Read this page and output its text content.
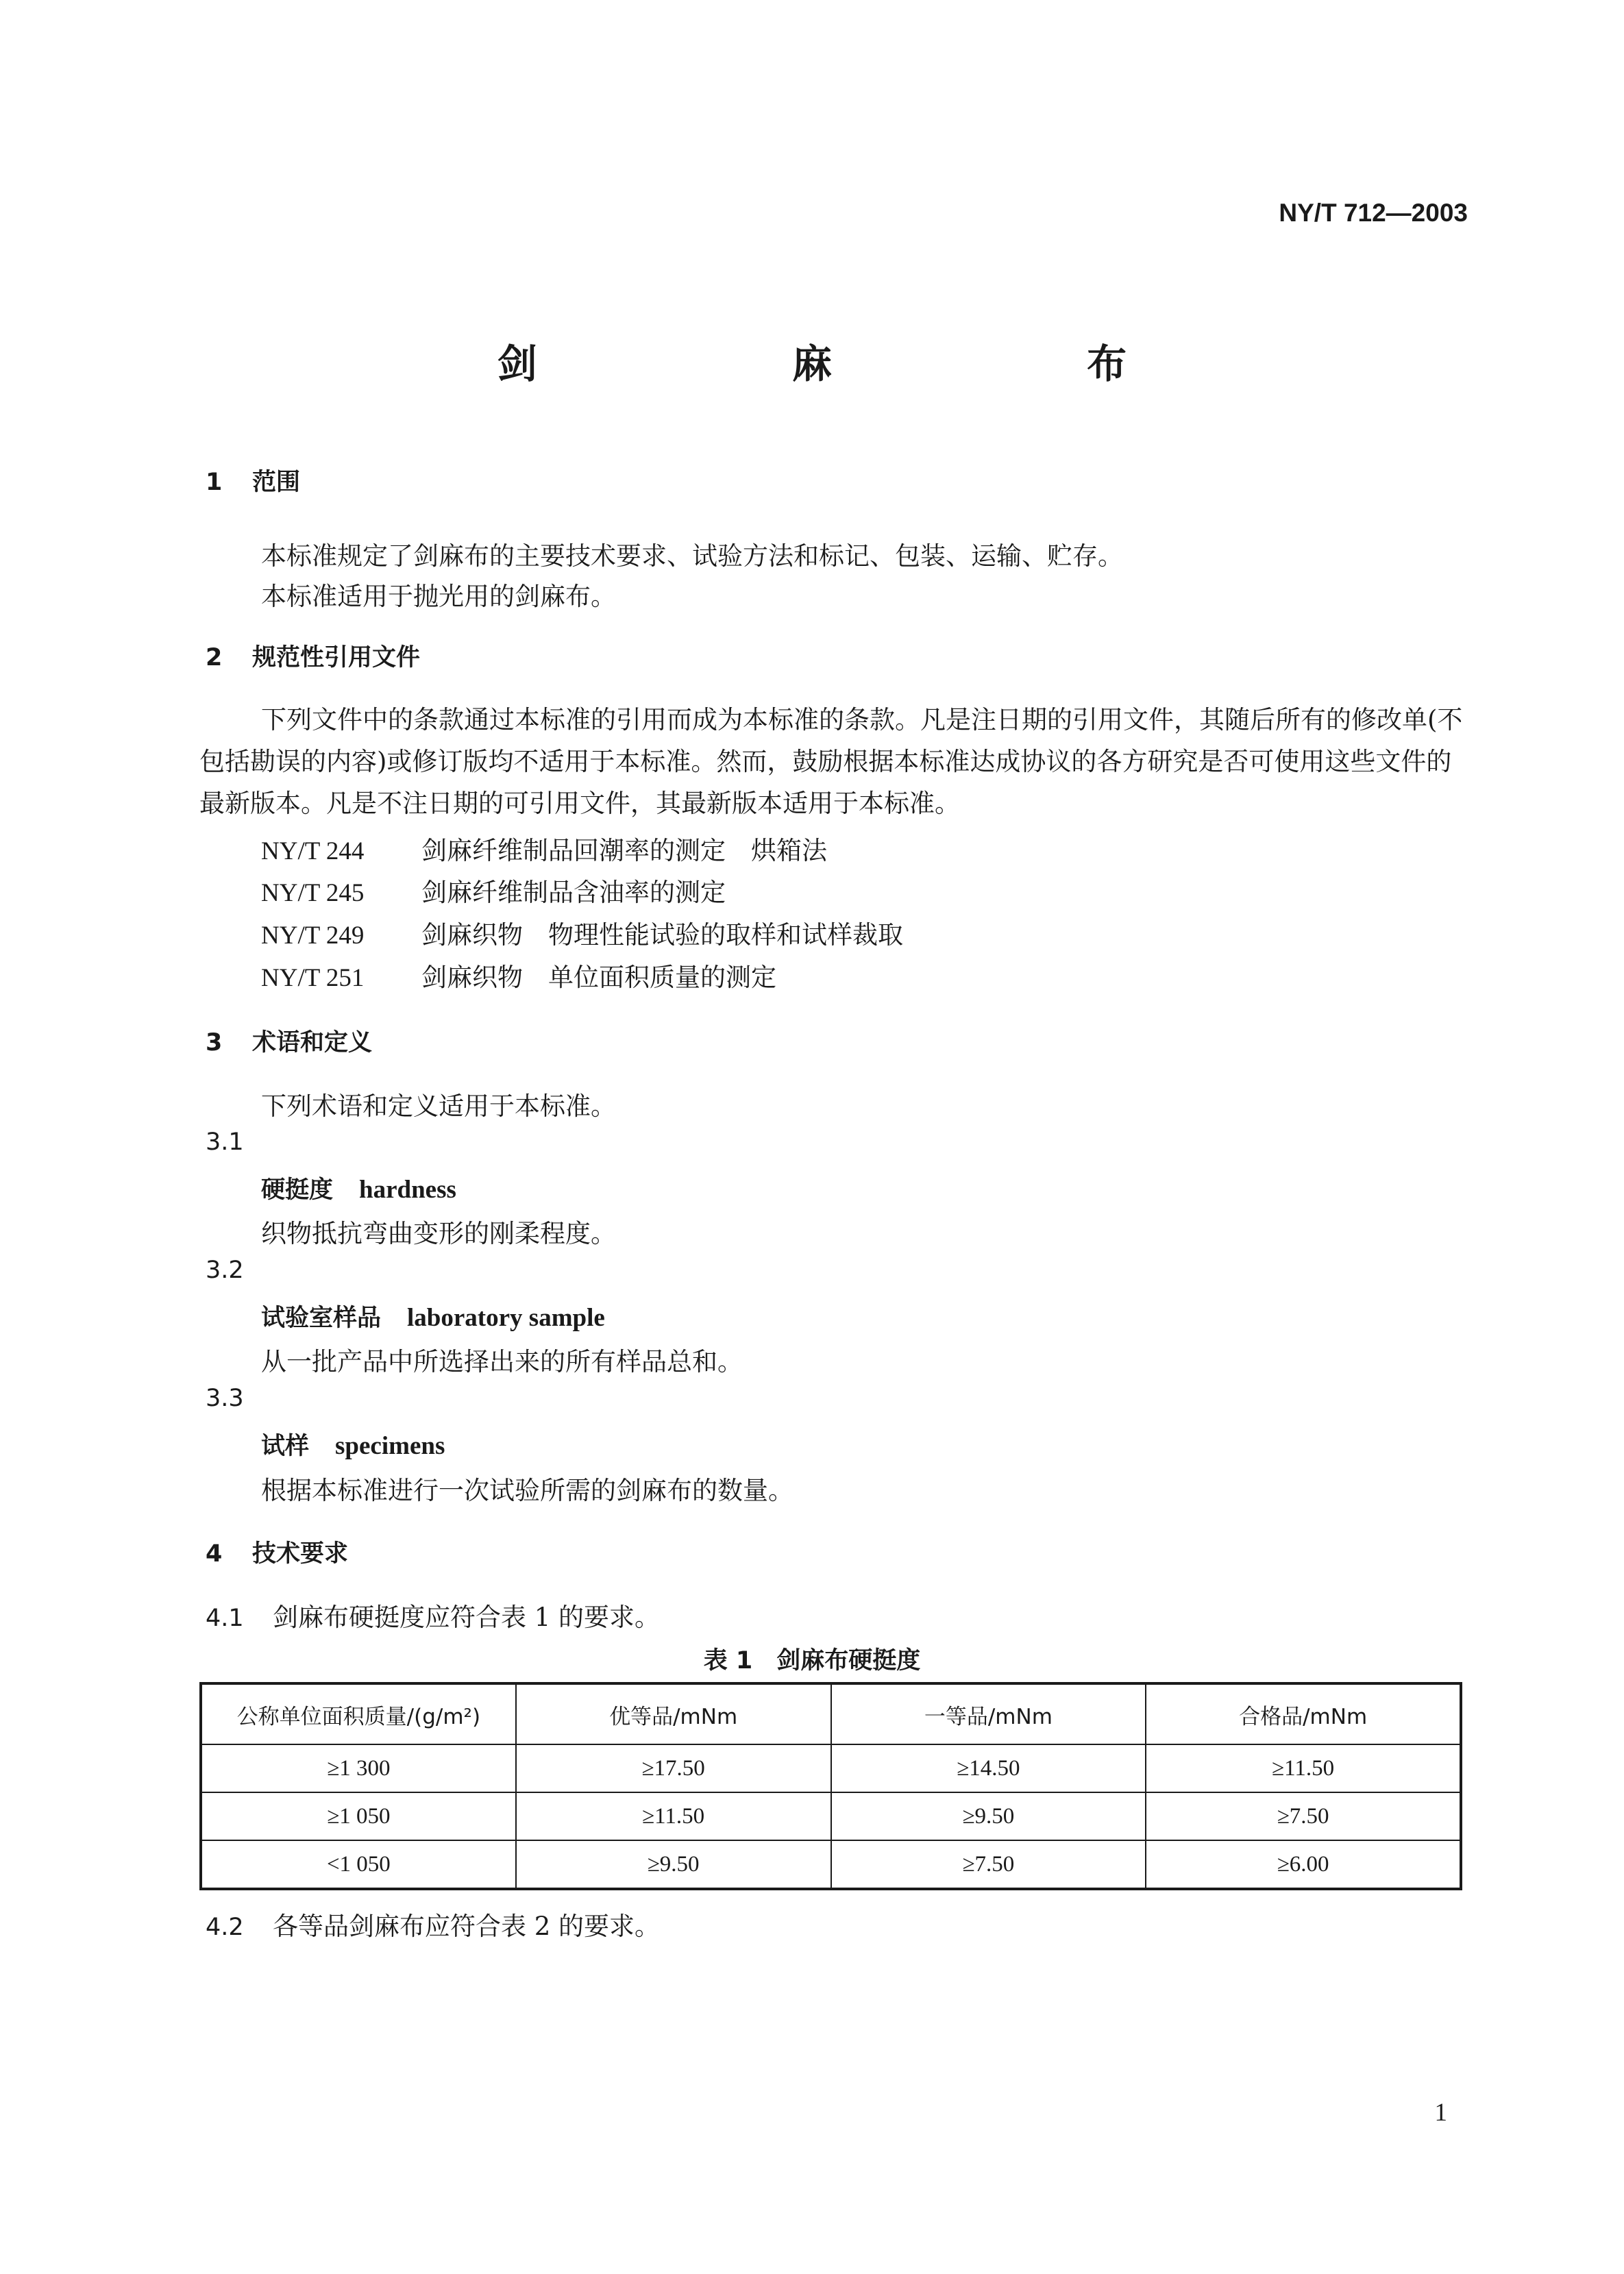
NY/T 712—2003
剑 麻 布
1 范围
本标准规定了剑麻布的主要技术要求、试验方法和标记、包装、运输、贮存。
本标准适用于抛光用的剑麻布。
2 规范性引用文件
下列文件中的条款通过本标准的引用而成为本标准的条款。凡是注日期的引用文件，其随后所有的修改单(不包括勘误的内容)或修订版均不适用于本标准。然而，鼓励根据本标准达成协议的各方研究是否可使用这些文件的最新版本。凡是不注日期的可引用文件，其最新版本适用于本标准。
NY/T 244 剑麻纤维制品回潮率的测定　烘箱法
NY/T 245 剑麻纤维制品含油率的测定
NY/T 249 剑麻织物　物理性能试验的取样和试样裁取
NY/T 251 剑麻织物　单位面积质量的测定
3 术语和定义
下列术语和定义适用于本标准。
3.1
硬挺度 hardness
织物抵抗弯曲变形的刚柔程度。
3.2
试验室样品 laboratory sample
从一批产品中所选择出来的所有样品总和。
3.3
试样 specimens
根据本标准进行一次试验所需的剑麻布的数量。
4 技术要求
4.1 剑麻布硬挺度应符合表 1 的要求。
表 1　剑麻布硬挺度
公称单位面积质量/(g/m²)	优等品/mNm	一等品/mNm	合格品/mNm
≥1 300	≥17.50	≥14.50	≥11.50
≥1 050	≥11.50	≥9.50	≥7.50
<1 050	≥9.50	≥7.50	≥6.00
4.2 各等品剑麻布应符合表 2 的要求。
1
